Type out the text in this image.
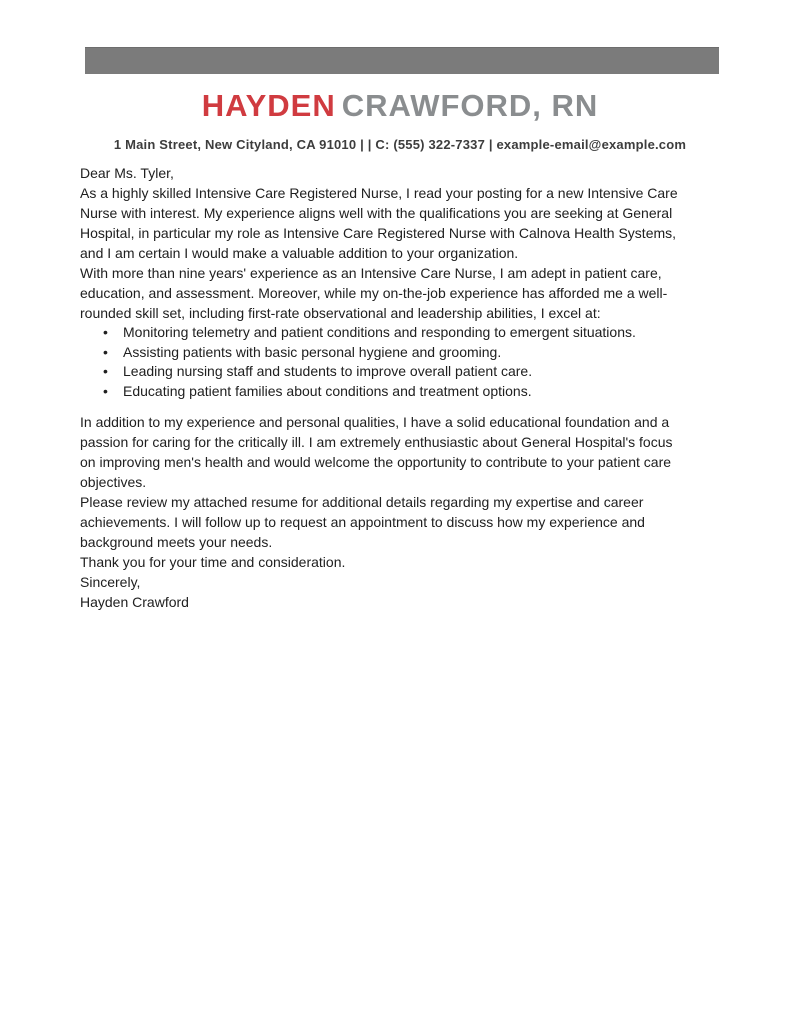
HAYDEN CRAWFORD, RN
1 Main Street, New Cityland, CA 91010 | | C: (555) 322-7337 | example-email@example.com
Dear Ms. Tyler,
As a highly skilled Intensive Care Registered Nurse, I read your posting for a new Intensive Care
Nurse with interest. My experience aligns well with the qualifications you are seeking at General
Hospital, in particular my role as Intensive Care Registered Nurse with Calnova Health Systems,
and I am certain I would make a valuable addition to your organization.
With more than nine years' experience as an Intensive Care Nurse, I am adept in patient care,
education, and assessment. Moreover, while my on-the-job experience has afforded me a well-
rounded skill set, including first-rate observational and leadership abilities, I excel at:
• Monitoring telemetry and patient conditions and responding to emergent situations.
• Assisting patients with basic personal hygiene and grooming.
• Leading nursing staff and students to improve overall patient care.
• Educating patient families about conditions and treatment options.
In addition to my experience and personal qualities, I have a solid educational foundation and a
passion for caring for the critically ill. I am extremely enthusiastic about General Hospital's focus
on improving men's health and would welcome the opportunity to contribute to your patient care
objectives.
Please review my attached resume for additional details regarding my expertise and career
achievements. I will follow up to request an appointment to discuss how my experience and
background meets your needs.
Thank you for your time and consideration.
Sincerely,
Hayden Crawford
